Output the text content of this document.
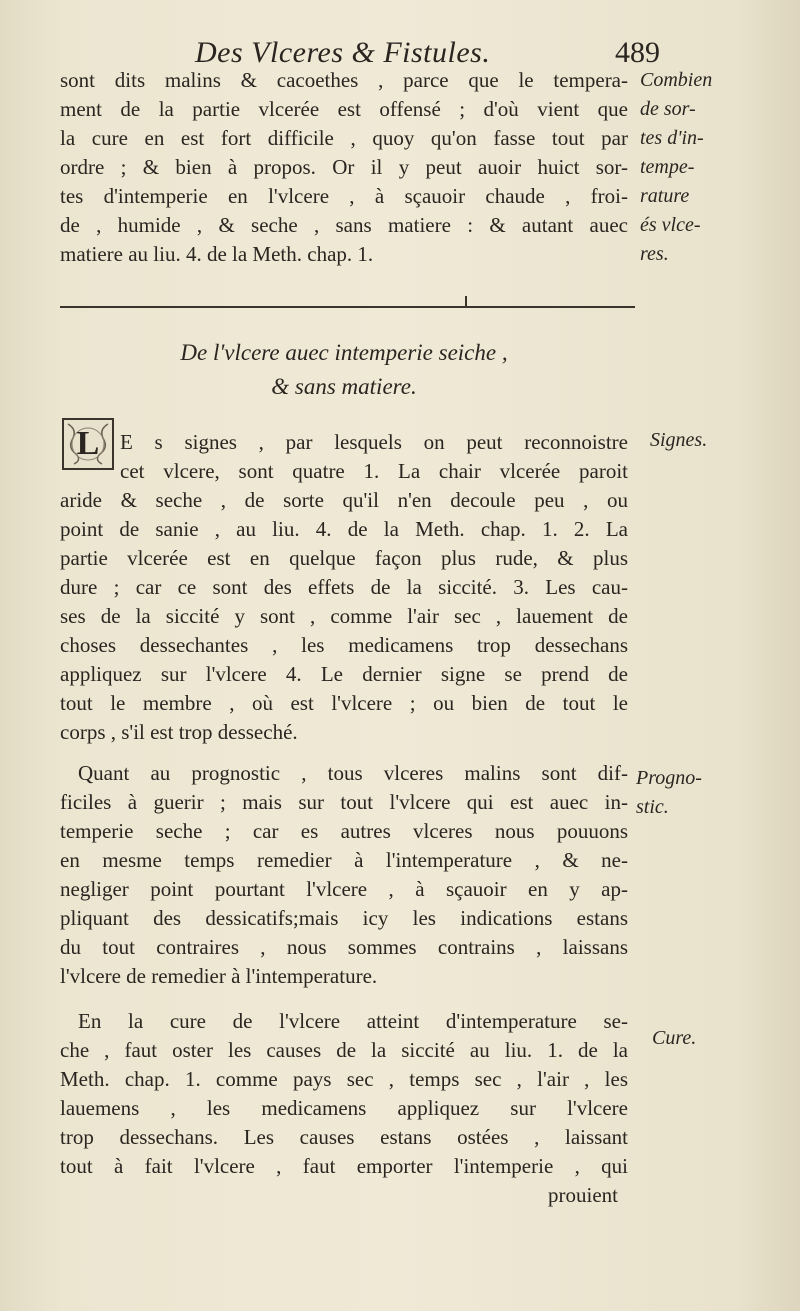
Des Vlceres & Fistules.	489
sont dits malins & cacoethes , parce que le tempera-
ment de la partie vlcerée est offensé ; d'où vient que
la cure en est fort difficile , quoy qu'on fasse tout par
ordre ; & bien à propos. Or il y peut auoir huict sor-
tes d'intemperie en l'vlcere , à sçauoir chaude , froi-
de , humide , & seche , sans matiere : & autant auec
matiere au liu. 4. de la Meth. chap. 1.
De l'vlcere auec intemperie seiche ,
& sans matiere.
L E s signes , par lesquels on peut reconnoistre
cet vlcere, sont quatre 1. La chair vlcerée paroit
aride & seche , de sorte qu'il n'en decoule peu , ou
point de sanie , au liu. 4. de la Meth. chap. 1. 2. La
partie vlcerée est en quelque façon plus rude, & plus
dure ; car ce sont des effets de la siccité. 3. Les cau-
ses de la siccité y sont , comme l'air sec , lauement de
choses dessechantes , les medicamens trop dessechans
appliquez sur l'vlcere 4. Le dernier signe se prend de
tout le membre , où est l'vlcere ; ou bien de tout le
corps , s'il est trop desseché.
Quant au prognostic , tous vlceres malins sont dif-
ficiles à guerir ; mais sur tout l'vlcere qui est auec in-
temperie seche ; car es autres vlceres nous pouuons
en mesme temps remedier à l'intemperature , & ne-
negliger point pourtant l'vlcere , à sçauoir en y ap-
pliquant des dessicatifs;mais icy les indications estans
du tout contraires , nous sommes contrains , laissans
l'vlcere de remedier à l'intemperature.
En la cure de l'vlcere atteint d'intemperature se-
che , faut oster les causes de la siccité au liu. 1. de la
Meth. chap. 1. comme pays sec , temps sec , l'air , les
lauemens , les medicamens appliquez sur l'vlcere
trop dessechans. Les causes estans ostées , laissant
tout à fait l'vlcere , faut emporter l'intemperie , qui
prouient
Combien
de sor-
tes d'in-
tempe-
rature
és vlce-
res.
Signes.
Progno-
stic.
Cure.
